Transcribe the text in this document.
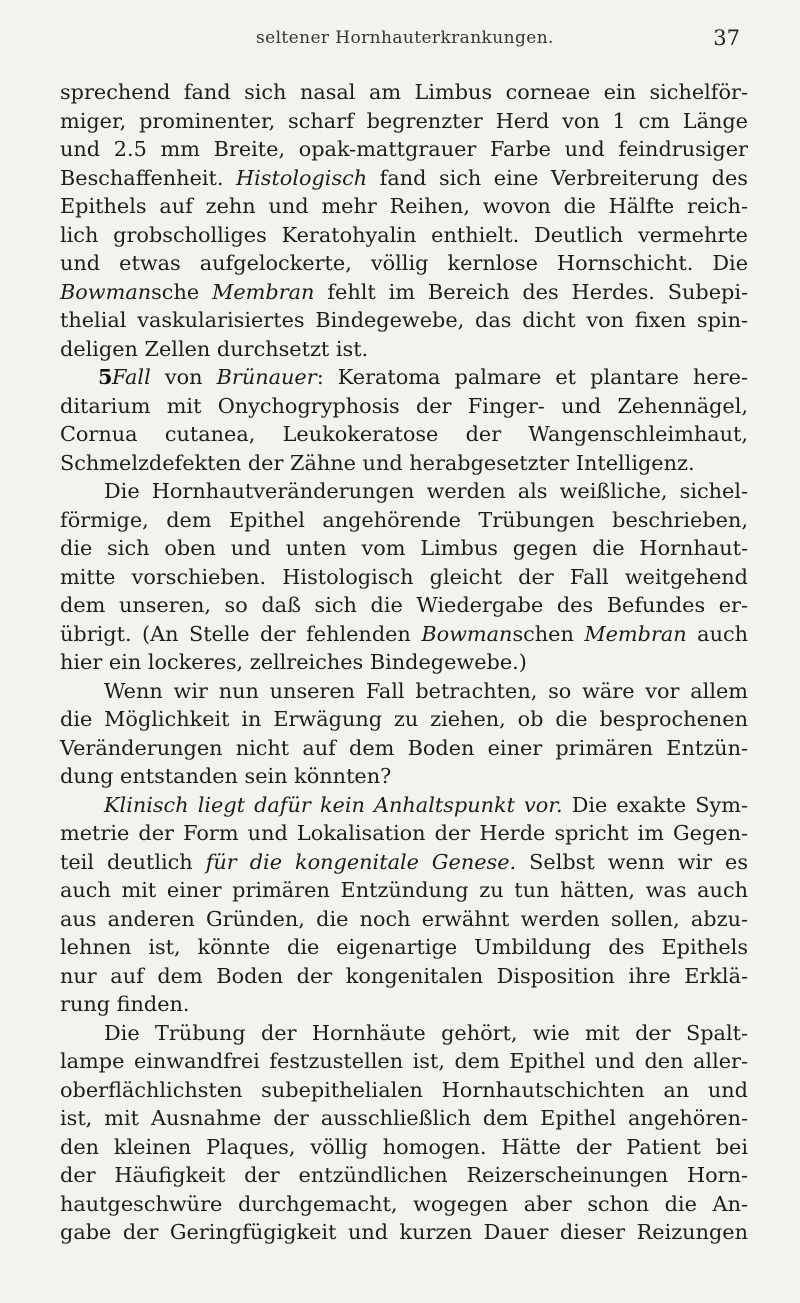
seltener Hornhauterkrankungen.	37
sprechend fand sich nasal am Limbus corneae ein sichelför-
miger, prominenter, scharf begrenzter Herd von 1 cm Länge
und 2.5 mm Breite, opak-mattgrauer Farbe und feindrusiger
Beschaffenheit. Histologisch fand sich eine Verbreiterung des
Epithels auf zehn und mehr Reihen, wovon die Hälfte reich-
lich grobscholliges Keratohyalin enthielt. Deutlich vermehrte
und etwas aufgelockerte, völlig kernlose Hornschicht. Die
Bowmansche Membran fehlt im Bereich des Herdes. Subepi-
thelial vaskularisiertes Bindegewebe, das dicht von fixen spin-
deligen Zellen durchsetzt ist.
5Fall von Brünauer: Keratoma palmare et plantare here-
ditarium mit Onychogryphosis der Finger- und Zehennägel,
Cornua cutanea, Leukokeratose der Wangenschleimhaut,
Schmelzdefekten der Zähne und herabgesetzter Intelligenz.
Die Hornhautveränderungen werden als weißliche, sichel-
förmige, dem Epithel angehörende Trübungen beschrieben,
die sich oben und unten vom Limbus gegen die Hornhaut-
mitte vorschieben. Histologisch gleicht der Fall weitgehend
dem unseren, so daß sich die Wiedergabe des Befundes er-
übrigt. (An Stelle der fehlenden Bowmanschen Membran auch
hier ein lockeres, zellreiches Bindegewebe.)
Wenn wir nun unseren Fall betrachten, so wäre vor allem
die Möglichkeit in Erwägung zu ziehen, ob die besprochenen
Veränderungen nicht auf dem Boden einer primären Entzün-
dung entstanden sein könnten?
Klinisch liegt dafür kein Anhaltspunkt vor. Die exakte Sym-
metrie der Form und Lokalisation der Herde spricht im Gegen-
teil deutlich für die kongenitale Genese. Selbst wenn wir es
auch mit einer primären Entzündung zu tun hätten, was auch
aus anderen Gründen, die noch erwähnt werden sollen, abzu-
lehnen ist, könnte die eigenartige Umbildung des Epithels
nur auf dem Boden der kongenitalen Disposition ihre Erklä-
rung finden.
Die Trübung der Hornhäute gehört, wie mit der Spalt-
lampe einwandfrei festzustellen ist, dem Epithel und den aller-
oberflächlichsten subepithelialen Hornhautschichten an und
ist, mit Ausnahme der ausschließlich dem Epithel angehören-
den kleinen Plaques, völlig homogen. Hätte der Patient bei
der Häufigkeit der entzündlichen Reizerscheinungen Horn-
hautgeschwüre durchgemacht, wogegen aber schon die An-
gabe der Geringfügigkeit und kurzen Dauer dieser Reizungen
